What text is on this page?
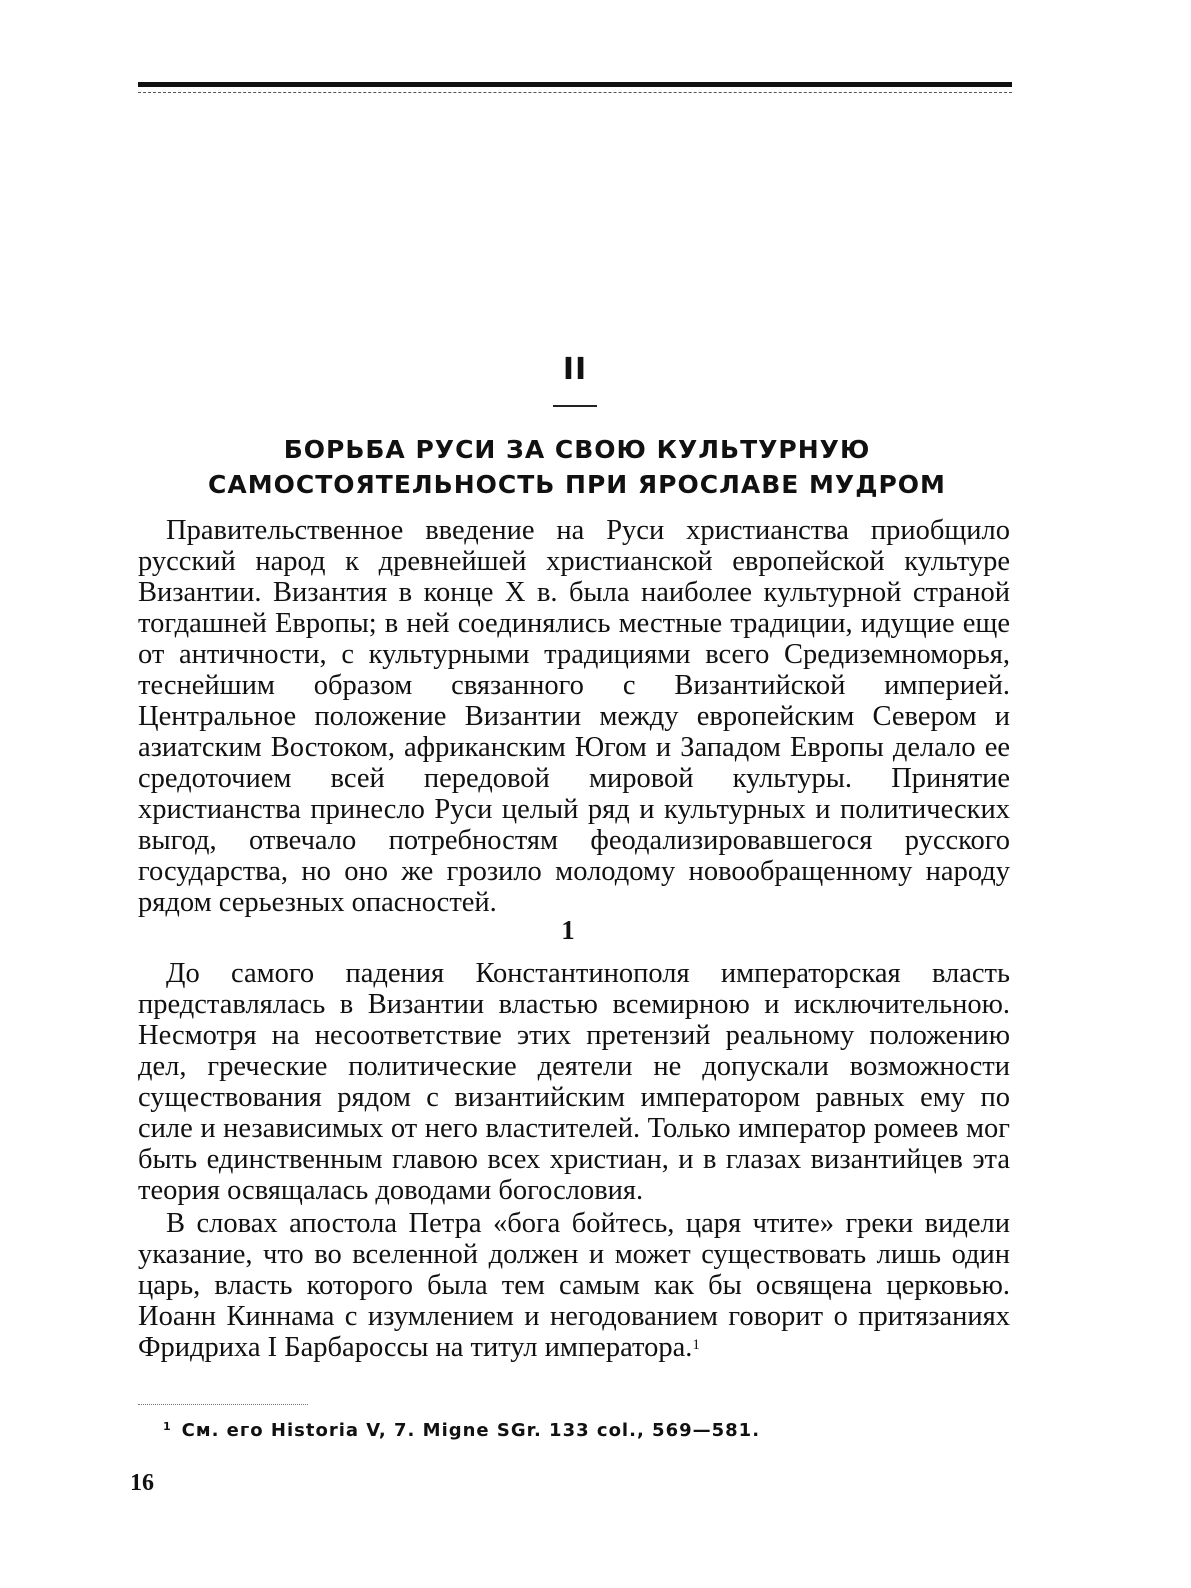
II
БОРЬБА РУСИ ЗА СВОЮ КУЛЬТУРНУЮ САМОСТОЯТЕЛЬНОСТЬ ПРИ ЯРОСЛАВЕ МУДРОМ

Правительственное введение на Руси христианства приобщило русский народ к древнейшей христианской европейской культуре Византии. Византия в конце X в. была наиболее культурной страной тогдашней Европы; в ней соединялись местные традиции, идущие еще от античности, с культурными традициями всего Средиземноморья, теснейшим образом связанного с Византийской империей. Центральное положение Византии между европейским Севером и азиатским Востоком, африканским Югом и Западом Европы делало ее средоточием всей передовой мировой культуры. Принятие христианства принесло Руси целый ряд и культурных и политических выгод, отвечало потребностям феодализировавшегося русского государства, но оно же грозило молодому новообращенному народу рядом серьезных опасностей.

1

До самого падения Константинополя императорская власть представлялась в Византии властью всемирною и исключительною. Несмотря на несоответствие этих претензий реальному положению дел, греческие политические деятели не допускали возможности существования рядом с византийским императором равных ему по силе и независимых от него властителей. Только император ромеев мог быть единственным главою всех христиан, и в глазах византийцев эта теория освящалась доводами богословия.

В словах апостола Петра «бога бойтесь, царя чтите» греки видели указание, что во вселенной должен и может существовать лишь один царь, власть которого была тем самым как бы освящена церковью. Иоанн Киннама с изумлением и негодованием говорит о притязаниях Фридриха I Барбароссы на титул императора.$^1$

$^1$ См. его Historia V, 7. Migne SGr. 133 col., 569—581.
16
